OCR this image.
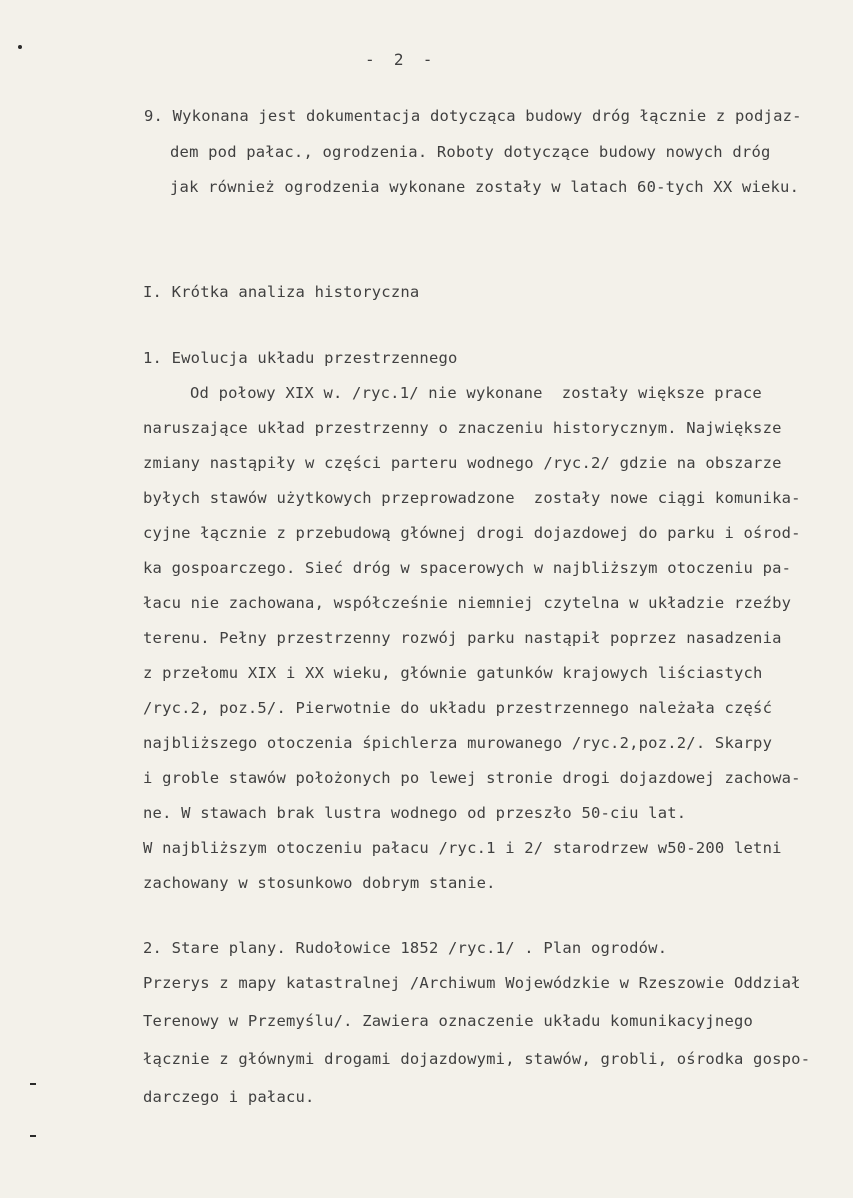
-  2  -
9. Wykonana jest dokumentacja dotycząca budowy dróg łącznie z podjaz-
dem pod pałac., ogrodzenia. Roboty dotyczące budowy nowych dróg
jak również ogrodzenia wykonane zostały w latach 60-tych XX wieku.
I. Krótka analiza historyczna
1. Ewolucja układu przestrzennego
Od połowy XIX w. /ryc.1/ nie wykonane  zostały większe prace
naruszające układ przestrzenny o znaczeniu historycznym. Największe
zmiany nastąpiły w części parteru wodnego /ryc.2/ gdzie na obszarze
byłych stawów użytkowych przeprowadzone  zostały nowe ciągi komunika-
cyjne łącznie z przebudową głównej drogi dojazdowej do parku i ośrod-
ka gospoarczego. Sieć dróg w spacerowych w najbliższym otoczeniu pa-
łacu nie zachowana, współcześnie niemniej czytelna w układzie rzeźby
terenu. Pełny przestrzenny rozwój parku nastąpił poprzez nasadzenia
z przełomu XIX i XX wieku, głównie gatunków krajowych liściastych
/ryc.2, poz.5/. Pierwotnie do układu przestrzennego należała część
najbliższego otoczenia śpichlerza murowanego /ryc.2,poz.2/. Skarpy
i groble stawów położonych po lewej stronie drogi dojazdowej zachowa-
ne. W stawach brak lustra wodnego od przeszło 50-ciu lat.
W najbliższym otoczeniu pałacu /ryc.1 i 2/ starodrzew w50-200 letni
zachowany w stosunkowo dobrym stanie.
2. Stare plany. Rudołowice 1852 /ryc.1/ . Plan ogrodów.
Przerys z mapy katastralnej /Archiwum Wojewódzkie w Rzeszowie Oddział
Terenowy w Przemyślu/. Zawiera oznaczenie układu komunikacyjnego
łącznie z głównymi drogami dojazdowymi, stawów, grobli, ośrodka gospo-
darczego i pałacu.
